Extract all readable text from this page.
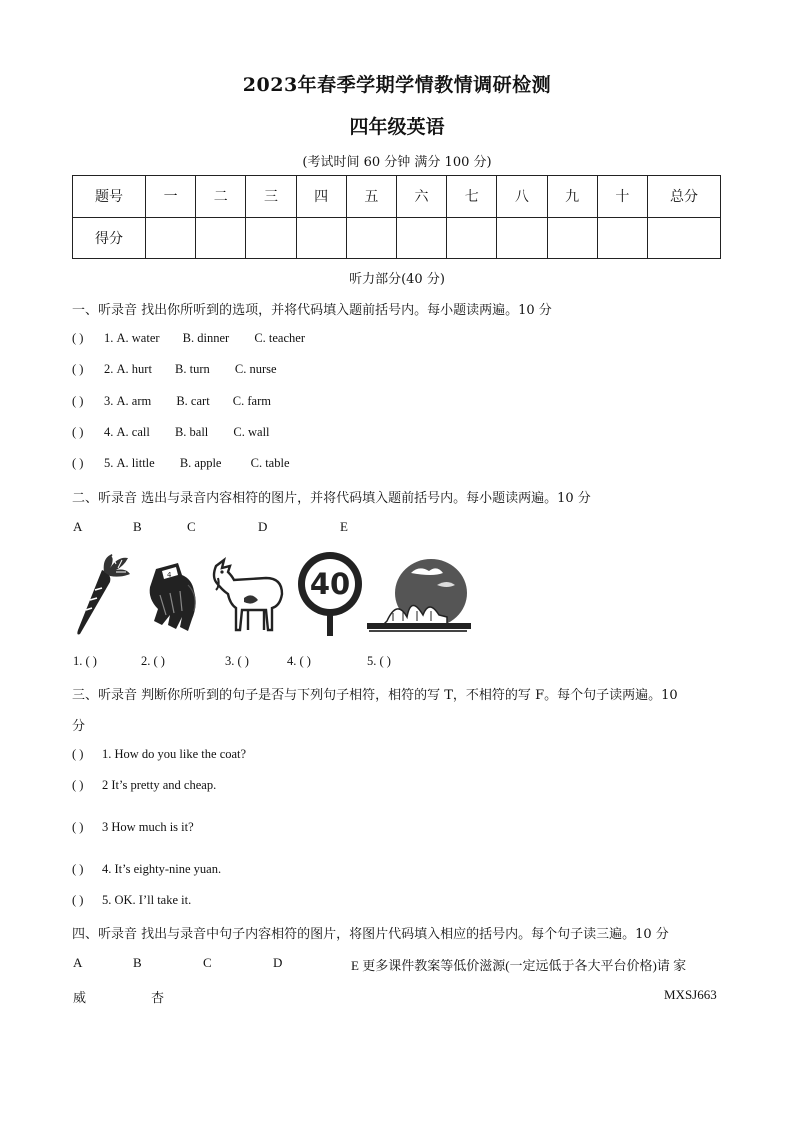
2023年春季学期学情教情调研检测
四年级英语
(考试时间 60 分钟 满分 100 分)
题号	一	二	三	四	五	六	七	八	九	十	总分
得分											
听力部分(40 分)
一、听录音 找出你所听到的选项，并将代码填入题前括号内。每小题读两遍。10 分
( ) 1. A. water B. dinner C. teacher
( ) 2. A. hurt B. turn C. nurse
( ) 3. A. arm B. cart C. farm
( ) 4. A. call B. ball C. wall
( ) 5. A. little B. apple C. table
二、听录音 选出与录音内容相符的图片，并将代码填入题前括号内。每小题读两遍。10 分
A	B	C	D	E
4	40
1. ( )	2. ( )	3. ( )	4. ( )	5. ( )
三、听录音 判断你所听到的句子是否与下列句子相符，相符的写 T，不相符的写 F。每个句子读两遍。10
分
( ) 1. How do you like the coat?
( ) 2 It’s pretty and cheap.
( ) 3 How much is it?
( ) 4. It’s eighty-nine yuan.
( ) 5. OK. I’ll take it.
四、听录音 找出与录音中句子内容相符的图片，将图片代码填入相应的括号内。每个句子读三遍。10 分
A	B	C	D	E 更多课件教案等低价滋源(一定远低于各大平台价格)请 家
威	杏	MXSJ663
